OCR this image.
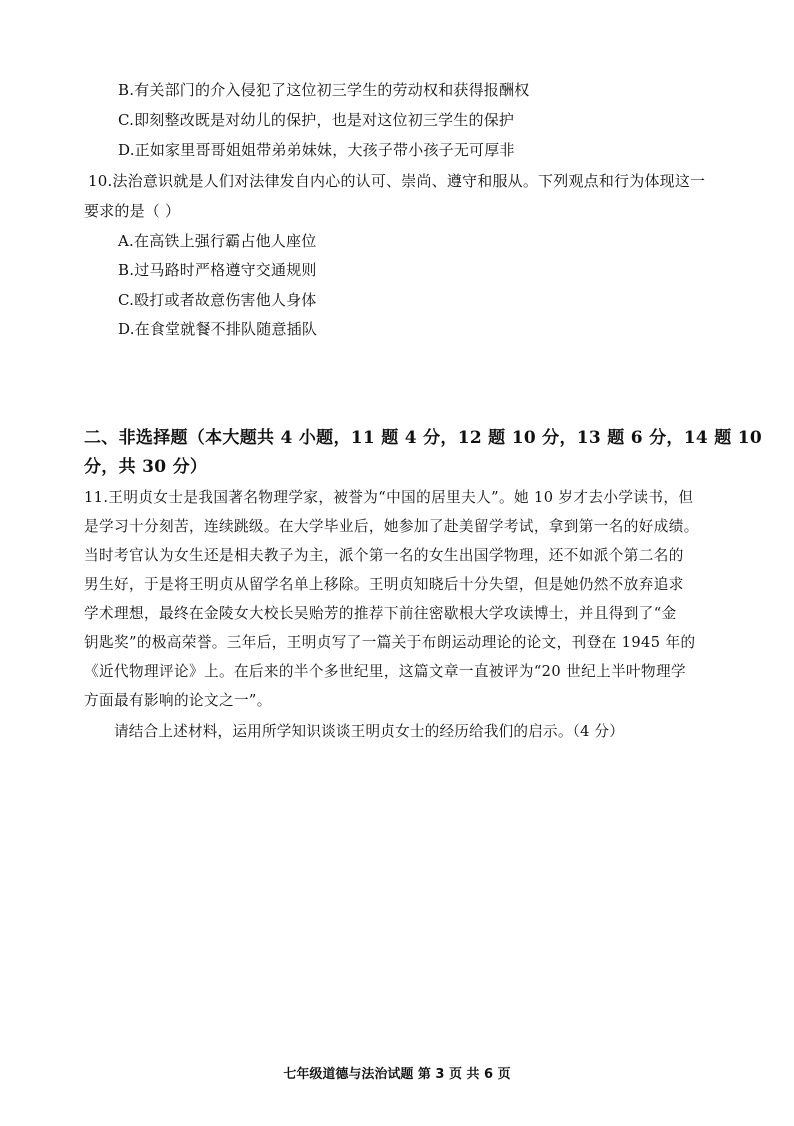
B.有关部门的介入侵犯了这位初三学生的劳动权和获得报酬权
C.即刻整改既是对幼儿的保护，也是对这位初三学生的保护
D.正如家里哥哥姐姐带弟弟妹妹，大孩子带小孩子无可厚非
10.法治意识就是人们对法律发自内心的认可、崇尚、遵守和服从。下列观点和行为体现这一
要求的是（ ）
A.在高铁上强行霸占他人座位
B.过马路时严格遵守交通规则
C.殴打或者故意伤害他人身体
D.在食堂就餐不排队随意插队
二、非选择题（本大题共 4 小题，11 题 4 分，12 题 10 分，13 题 6 分，14 题 10
分，共 30 分）
11.王明贞女士是我国著名物理学家，被誉为“中国的居里夫人”。她 10 岁才去小学读书，但
是学习十分刻苦，连续跳级。在大学毕业后，她参加了赴美留学考试，拿到第一名的好成绩。
当时考官认为女生还是相夫教子为主，派个第一名的女生出国学物理，还不如派个第二名的
男生好，于是将王明贞从留学名单上移除。王明贞知晓后十分失望，但是她仍然不放弃追求
学术理想，最终在金陵女大校长吴贻芳的推荐下前往密歇根大学攻读博士，并且得到了“金
钥匙奖”的极高荣誉。三年后，王明贞写了一篇关于布朗运动理论的论文，刊登在 1945 年的
《近代物理评论》上。在后来的半个多世纪里，这篇文章一直被评为“20 世纪上半叶物理学
方面最有影响的论文之一”。
请结合上述材料，运用所学知识谈谈王明贞女士的经历给我们的启示。（4 分）
七年级道德与法治试题 第 3 页 共 6 页
